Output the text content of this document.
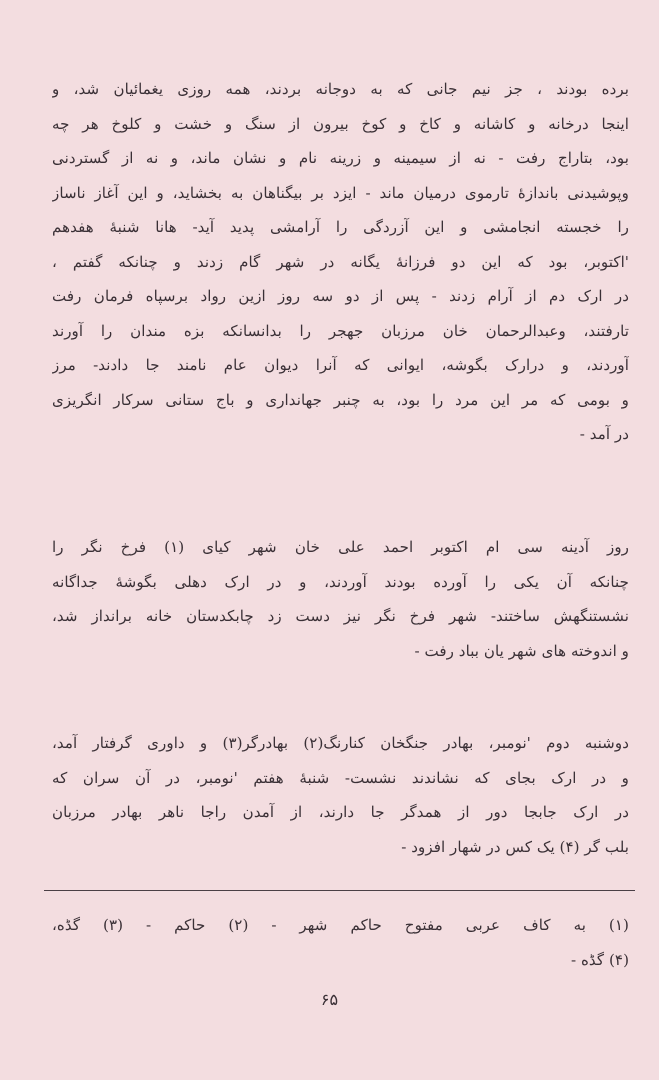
برده بودند ، جز نیم جانی که به دوجانه بردند، همه روزی یغمائیان شد، و
اینجا درخانه و کاشانه و کاخ و کوخ بیرون از سنگ و خشت و کلوخ هر چه
بود، بتاراج رفت - نه از سیمینه و زرینه نام و نشان ماند، و نه از گستردنی
وپوشیدنی باندازهٔ تارموی درمیان ماند - ایزد بر بیگناهان به بخشاید، و این آغاز ناساز
را خجسته انجامشی و این آزردگی را آرامشی پدید آید- هانا شنبهٔ هفدهم
'اکتوبر، بود که این دو فرزانهٔ یگانه در شهر گام زدند و چنانکه گفتم ،
در ارک دم از آرام زدند - پس از دو سه روز ازین رواد برسپاه فرمان رفت
تارفتند، وعبدالرحمان خان مرزبان جهجر را بدانسانکه بزه مندان را آورند
آوردند، و درارک بگوشه، ایوانی که آنرا دیوان عام نامند جا دادند- مرز
و بومی که مر این مرد را بود، به چنبر جهانداری و باج ستانی سرکار انگریزی
در آمد -
روز آدینه سی ام اکتوبر احمد علی خان شهر کیای (۱) فرخ نگر را
چنانکه آن یکی را آورده بودند آوردند، و در ارک دهلی بگوشهٔ جداگانه
نشستنگهش ساختند- شهر فرخ نگر نیز دست زد چابکدستان خانه برانداز شد،
و اندوخته های شهر یان بباد رفت -
دوشنبه دوم 'نومبر، بهادر جنگخان کنارنگ(۲) بهادرگر(۳) و داوری گرفتار آمد،
و در ارک بجای که نشاندند نشست- شنبهٔ هفتم 'نومبر، در آن سران که
در ارک جابجا دور از همدگر جا دارند، از آمدن راجا ناهر بهادر مرزبان
بلب گر (۴) یک کس در شهار افزود -
(۱) به کاف عربی مفتوح حاکم شهر - (۲) حاکم - (۳) گڈه،
(۴) گڈه -
۶۵
